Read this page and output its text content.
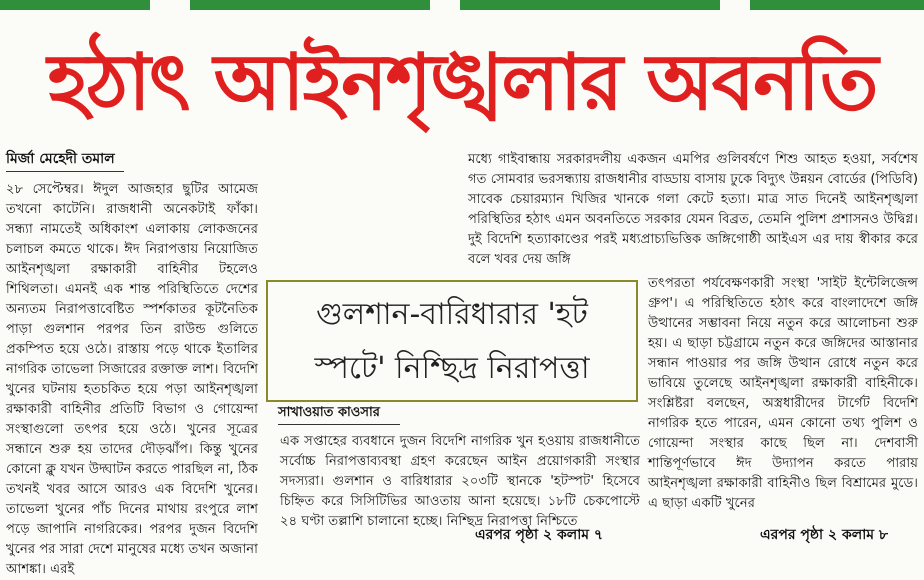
হঠাৎ আইনশৃঙ্খলার অবনতি
মির্জা মেহেদী তমাল

২৮ সেপ্টেম্বর। ঈদুল আজহার ছুটির আমেজ তখনো কাটেনি। রাজধানী অনেকটাই ফাঁকা। সন্ধ্যা নামতেই অধিকাংশ এলাকায় লোকজনের চলাচল কমতে থাকে। ঈদ নিরাপত্তায় নিয়োজিত আইনশৃঙ্খলা রক্ষাকারী বাহিনীর টহলেও শিথিলতা। এমনই এক শান্ত পরিস্থিতিতে দেশের অন্যতম নিরাপত্তাবেষ্টিত স্পর্শকাতর কূটনৈতিক পাড়া গুলশান পরপর তিন রাউন্ড গুলিতে প্রকম্পিত হয়ে ওঠে। রাস্তায় পড়ে থাকে ইতালির নাগরিক তাভেলা সিজারের রক্তাক্ত লাশ। বিদেশি খুনের ঘটনায় হতচকিত হয়ে পড়া আইনশৃঙ্খলা রক্ষাকারী বাহিনীর প্রতিটি বিভাগ ও গোয়েন্দা সংস্থাগুলো তৎপর হয়ে ওঠে। খুনের সূত্রের সন্ধানে শুরু হয় তাদের দৌড়ঝাঁপ। কিন্তু খুনের কোনো ক্লু যখন উদ্ঘাটন করতে পারছিল না, ঠিক তখনই খবর আসে আরও এক বিদেশি খুনের। তাভেলা খুনের পাঁচ দিনের মাথায় রংপুরে লাশ পড়ে জাপানি নাগরিকের। পরপর দুজন বিদেশি খুনের পর সারা দেশে মানুষের মধ্যে তখন অজানা আশঙ্কা। এরই

মধ্যে গাইবান্ধায় সরকারদলীয় একজন এমপির গুলিবর্ষণে শিশু আহত হওয়া, সর্বশেষ গত সোমবার ভরসন্ধ্যায় রাজধানীর বাড্ডায় বাসায় ঢুকে বিদ্যুৎ উন্নয়ন বোর্ডের (পিডিবি) সাবেক চেয়ারম্যান খিজির খানকে গলা কেটে হত্যা। মাত্র সাত দিনেই আইনশৃঙ্খলা পরিস্থিতির হঠাৎ এমন অবনতিতে সরকার যেমন বিব্রত, তেমনি পুলিশ প্রশাসনও উদ্বিগ্ন। দুই বিদেশি হত্যাকাণ্ডের পরই মধ্যপ্রাচ্যভিত্তিক জঙ্গিগোষ্ঠী আইএস এর দায় স্বীকার করে বলে খবর দেয় জঙ্গি

তৎপরতা পর্যবেক্ষণকারী সংস্থা 'সাইট ইন্টেলিজেন্স গ্রুপ'। এ পরিস্থিতিতে হঠাৎ করে বাংলাদেশে জঙ্গি উত্থানের সম্ভাবনা নিয়ে নতুন করে আলোচনা শুরু হয়। এ ছাড়া চট্টগ্রামে নতুন করে জঙ্গিদের আস্তানার সন্ধান পাওয়ার পর জঙ্গি উত্থান রোধে নতুন করে ভাবিয়ে তুলেছে আইনশৃঙ্খলা রক্ষাকারী বাহিনীকে। সংশ্লিষ্টরা বলছেন, অস্ত্রধারীদের টার্গেট বিদেশি নাগরিক হতে পারেন, এমন কোনো তথ্য পুলিশ ও গোয়েন্দা সংস্থার কাছে ছিল না। দেশবাসী শান্তিপূর্ণভাবে ঈদ উদ্যাপন করতে পারায় আইনশৃঙ্খলা রক্ষাকারী বাহিনীও ছিল বিশ্রামের মুডে। এ ছাড়া একটি খুনের

এরপর পৃষ্ঠা ২ কলাম ৮
গুলশান-বারিধারার 'হট
স্পটে' নিশ্ছিদ্র নিরাপত্তা
সাখাওয়াত কাওসার

এক সপ্তাহের ব্যবধানে দুজন বিদেশি নাগরিক খুন হওয়ায় রাজধানীতে সর্বোচ্চ নিরাপত্তাব্যবস্থা গ্রহণ করেছেন আইন প্রয়োগকারী সংস্থার সদস্যরা। গুলশান ও বারিধারার ২০৩টি স্থানকে 'হটস্পট' হিসেবে চিহ্নিত করে সিসিটিভির আওতায় আনা হয়েছে। ১৮টি চেকপোস্টে ২৪ ঘণ্টা তল্লাশি চালানো হচ্ছে। নিশ্ছিদ্র নিরাপত্তা নিশ্চিতে

এরপর পৃষ্ঠা ২ কলাম ৭
